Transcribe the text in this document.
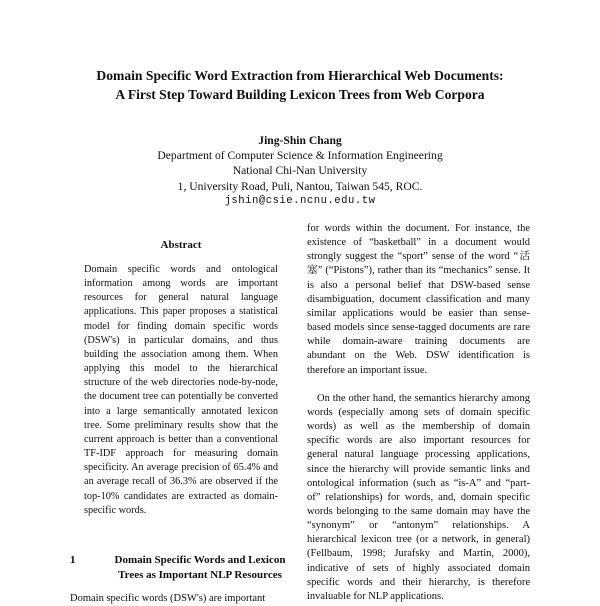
Domain Specific Word Extraction from Hierarchical Web Documents:
A First Step Toward Building Lexicon Trees from Web Corpora
Jing-Shin Chang
Department of Computer Science & Information Engineering
National Chi-Nan University
1, University Road, Puli, Nantou, Taiwan 545, ROC.
jshin@csie.ncnu.edu.tw
Abstract

Domain specific words and ontological information among words are important resources for general natural language applications. This paper proposes a statistical model for finding domain specific words (DSW's) in particular domains, and thus building the association among them. When applying this model to the hierarchical structure of the web directories node-by-node, the document tree can potentially be converted into a large semantically annotated lexicon tree. Some preliminary results show that the current approach is better than a conventional TF-IDF approach for measuring domain specificity. An average precision of 65.4% and an average recall of 36.3% are observed if the top-10% candidates are extracted as domain-specific words.

1	Domain Specific Words and Lexicon
Trees as Important NLP Resources
Domain specific words (DSW's) are important

for words within the document. For instance, the existence of “basketball” in a document would strongly suggest the “sport” sense of the word “活塞” (“Pistons”), rather than its “mechanics” sense. It is also a personal belief that DSW-based sense disambiguation, document classification and many similar applications would be easier than sense-based models since sense-tagged documents are rare while domain-aware training documents are abundant on the Web. DSW identification is therefore an important issue.

On the other hand, the semantics hierarchy among words (especially among sets of domain specific words) as well as the membership of domain specific words are also important resources for general natural language processing applications, since the hierarchy will provide semantic links and ontological information (such as “is-A” and “part-of” relationships) for words, and, domain specific words belonging to the same domain may have the “synonym” or “antonym” relationships. A hierarchical lexicon tree (or a network, in general) (Fellbaum, 1998; Jurafsky and Martin, 2000), indicative of sets of highly associated domain specific words and their hierarchy, is therefore invaluable for NLP applications.
